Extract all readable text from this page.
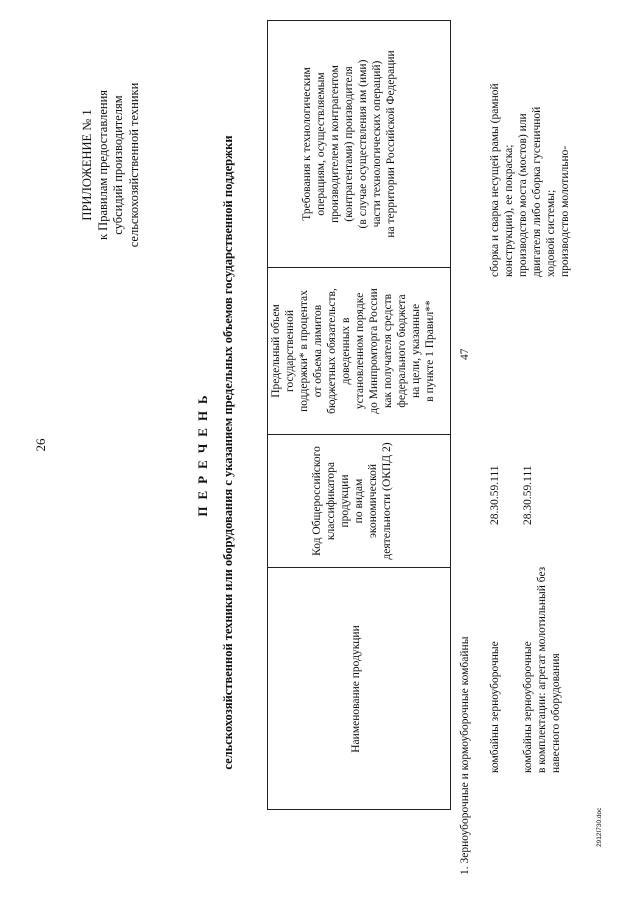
26
ПРИЛОЖЕНИЕ № 1 к Правилам предоставления субсидий производителям сельскохозяйственной техники
ПЕРЕЧЕНЬ сельскохозяйственной техники или оборудования с указанием предельных объемов государственной поддержки	Наименование продукции
Код Общероссийского классификатора продукции по видам экономической деятельности (ОКПД 2)
Предельный объем государственной поддержки* в процентах от объема лимитов бюджетных обязательств, доведенных в установленном порядке до Минпромторга России как получателя средств федерального бюджета на цели, указанные в пункте 1 Правил**
Требования к технологическим операциям, осуществляемым производителем и контрагентом (контрагентами) производителя (в случае осуществления им (ими) части технологических операций) на территории Российской Федерации
1. Зерноуборочные и кормоуборочные комбайны
47
комбайны зерноуборочные
28.30.59.111
комбайны зерноуборочные в комплектации: агрегат молотильный без навесного оборудования
28.30.59.111
сборка и сварка несущей рамы (рамной конструкции), ее покраска; производство моста (мостов) или двигателя либо сборка гусеничной ходовой системы; производство молотильно-
2912І730.doc
